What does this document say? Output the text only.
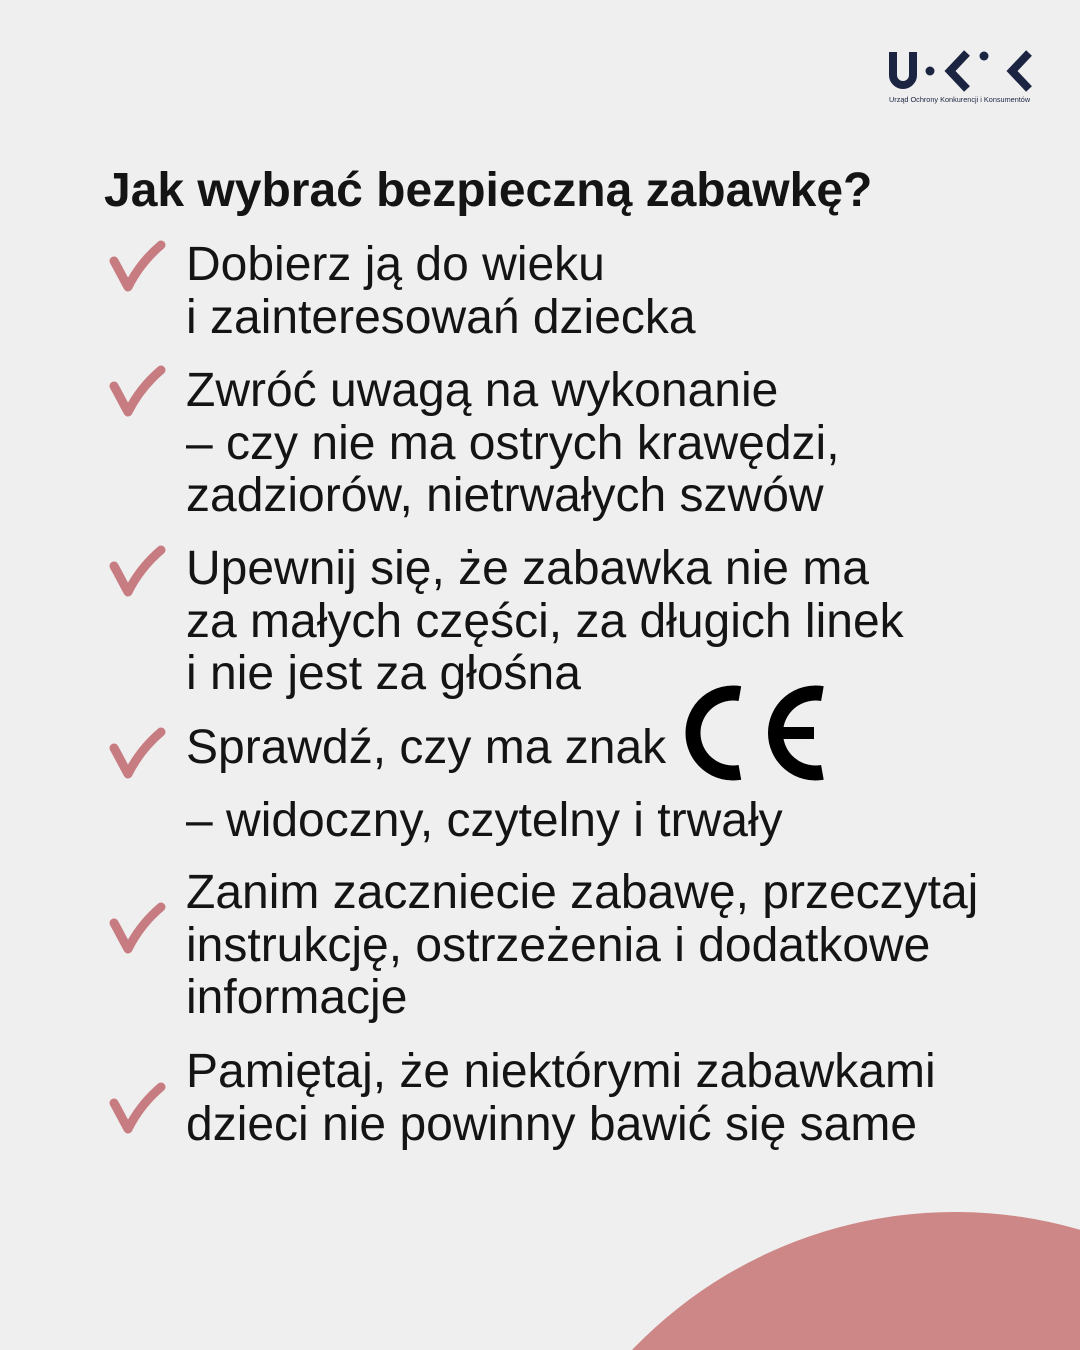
Urząd Ochrony Konkurencji i Konsumentów
Jak wybrać bezpieczną zabawkę?
Dobierz ją do wieku
i zainteresowań dziecka
Zwróć uwagą na wykonanie
– czy nie ma ostrych krawędzi,
zadziorów, nietrwałych szwów
Upewnij się, że zabawka nie ma
za małych części, za długich linek
i nie jest za głośna
Sprawdź, czy ma znak
– widoczny, czytelny i trwały
Zanim zaczniecie zabawę, przeczytaj
instrukcję, ostrzeżenia i dodatkowe
informacje
Pamiętaj, że niektórymi zabawkami
dzieci nie powinny bawić się same
